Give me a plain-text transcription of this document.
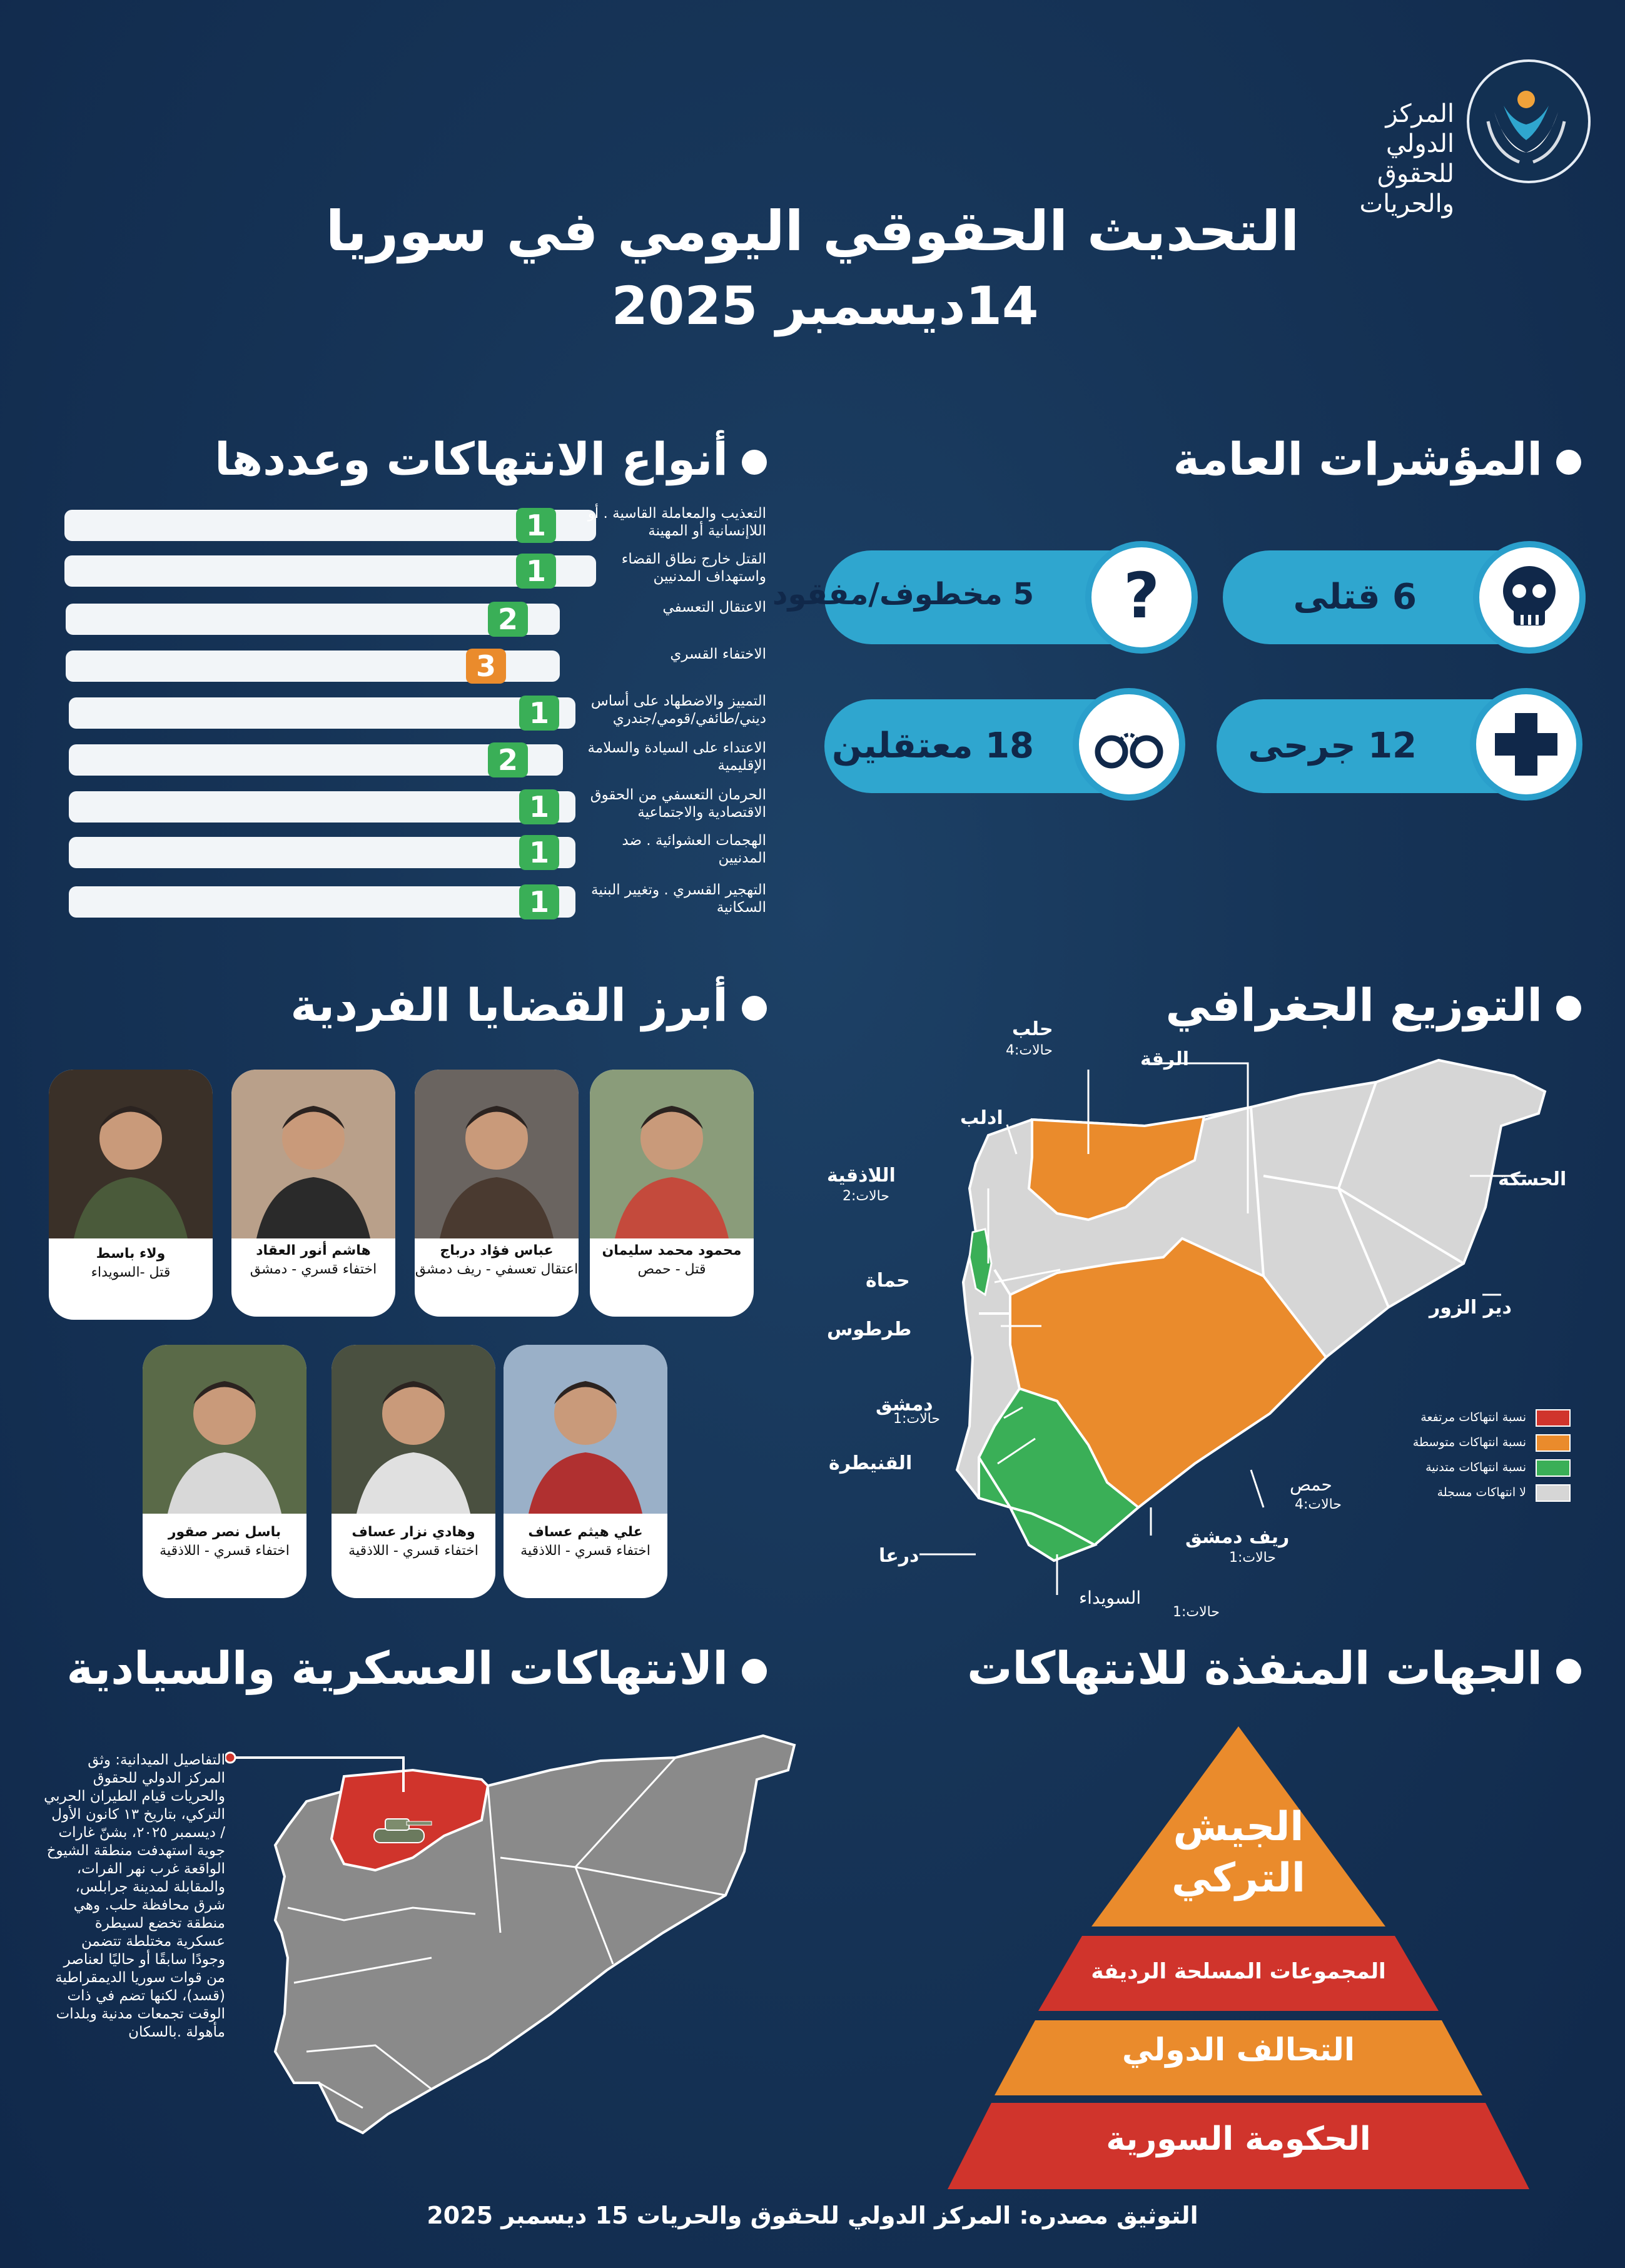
المركز الدولي
للحقوق والحريات
التحديث الحقوقي اليومي في سوريا
14ديسمبر 2025
المؤشرات العامة
أنواع الانتهاكات وعددها
التوزيع الجغرافي
أبرز القضايا الفردية
الجهات المنفذة للانتهاكات
الانتهاكات العسكرية والسيادية
6 قتلى
5 مخطوف/مفقود ?
12 جرحى
18 معتقلين
1	التعذيب والمعاملة القاسية . أو اللاإنسانية أو المهينة
1	القتل خارج نطاق القضاء واستهداف المدنيين
2	الاعتقال التعسفي
3	الاختفاء القسري
1	التمييز والاضطهاد على أساس ديني/طائفي/قومي/جندري
2	الاعتداء على السيادة والسلامة الإقليمية
1	الحرمان التعسفي من الحقوق الاقتصادية والاجتماعية
1	الهجمات العشوائية . ضد المدنيين
1	التهجير القسري . وتغيير البنية السكانية
محمود محمد سليمان
قتل - حمص
عباس فؤاد درباج
اعتقال تعسفي - ريف دمشق
هاشم أنور العقاد
اختفاء قسري - دمشق
ولاء باسط
قتل -السويداء
علي هيثم عساف
اختفاء قسري - اللاذقية
وهادي نزار عساف
اختفاء قسري - اللاذقية
باسل نصر صقور
اختفاء قسري - اللاذقية
حلب
حالات:4	الرقة
ادلب
الحسكة
اللاذقية
حالات:2
حماة
طرطوس
دير الزور
دمشق
حالات:1
القنيطرة
حمص
حالات:4
ريف دمشق
حالات:1
درعا
السويداء
حالات:1
نسبة انتهاكات مرتفعة
نسبة انتهاكات متوسطة
نسبة انتهاكات متدنية
لا انتهاكات مسجلة
التفاصيل الميدانية: وثق المركز الدولي للحقوق والحريات قيام الطيران الحربي التركي، بتاريخ ١٣ كانون الأول / ديسمبر ٢٠٢٥، بشنّ غارات جوية استهدفت منطقة الشيوخ الواقعة غرب نهر الفرات، والمقابلة لمدينة جرابلس، شرق محافظة حلب. وهي منطقة تخضع لسيطرة عسكرية مختلطة تتضمن وجودًا سابقًا أو حاليًا لعناصر من قوات سوريا الديمقراطية (قسد)، لكنها تضم في ذات الوقت تجمعات مدنية وبلدات مأهولة .بالسكان
الجيش
التركي
المجموعات المسلحة الرديفة
التحالف الدولي
الحكومة السورية
التوثيق مصدره: المركز الدولي للحقوق والحريات 15 ديسمبر 2025
